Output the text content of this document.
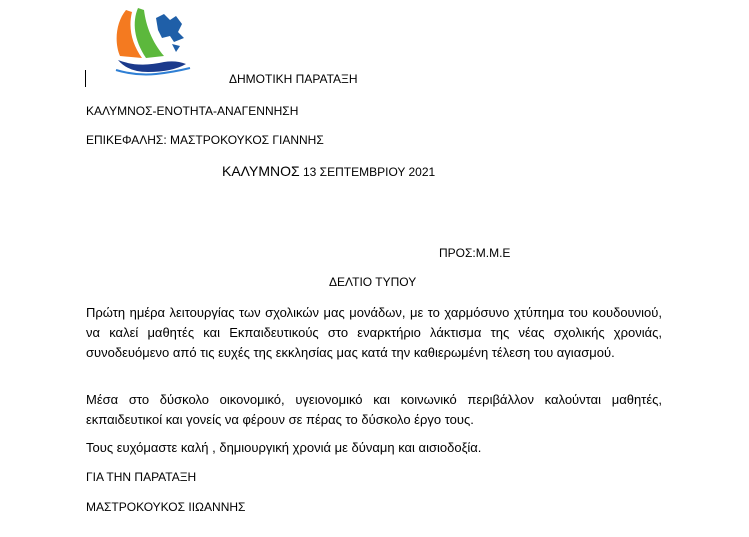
ΔΗΜΟΤΙΚΗ ΠΑΡΑΤΑΞΗ
ΚΑΛΥΜΝΟΣ-ΕΝΟΤΗΤΑ-ΑΝΑΓΕΝΝΗΣΗ
ΕΠΙΚΕΦΑΛΗΣ: ΜΑΣΤΡΟΚΟΥΚΟΣ ΓΙΑΝΝΗΣ
ΚΑΛΥΜΝΟΣ 13 ΣΕΠΤΕΜΒΡΙΟΥ 2021
ΠΡΟΣ:Μ.Μ.Ε
ΔΕΛΤΙΟ ΤΥΠΟΥ
Πρώτη ημέρα λειτουργίας των σχολικών μας μονάδων, με το χαρμόσυνο χτύπημα του κουδουνιού, να καλεί μαθητές και Εκπαιδευτικούς στο εναρκτήριο λάκτισμα της νέας σχολικής χρονιάς, συνοδευόμενο από τις ευχές της εκκλησίας μας κατά την καθιερωμένη τέλεση του αγιασμού.
Μέσα στο δύσκολο οικονομικό, υγειονομικό και κοινωνικό περιβάλλον καλούνται μαθητές, εκπαιδευτικοί και γονείς να φέρουν σε πέρας το δύσκολο έργο τους.
Τους ευχόμαστε καλή , δημιουργική χρονιά με δύναμη και αισιοδοξία.
ΓΙΑ ΤΗΝ ΠΑΡΑΤΑΞΗ
ΜΑΣΤΡΟΚΟΥΚΟΣ ΙΙΩΑΝΝΗΣ
